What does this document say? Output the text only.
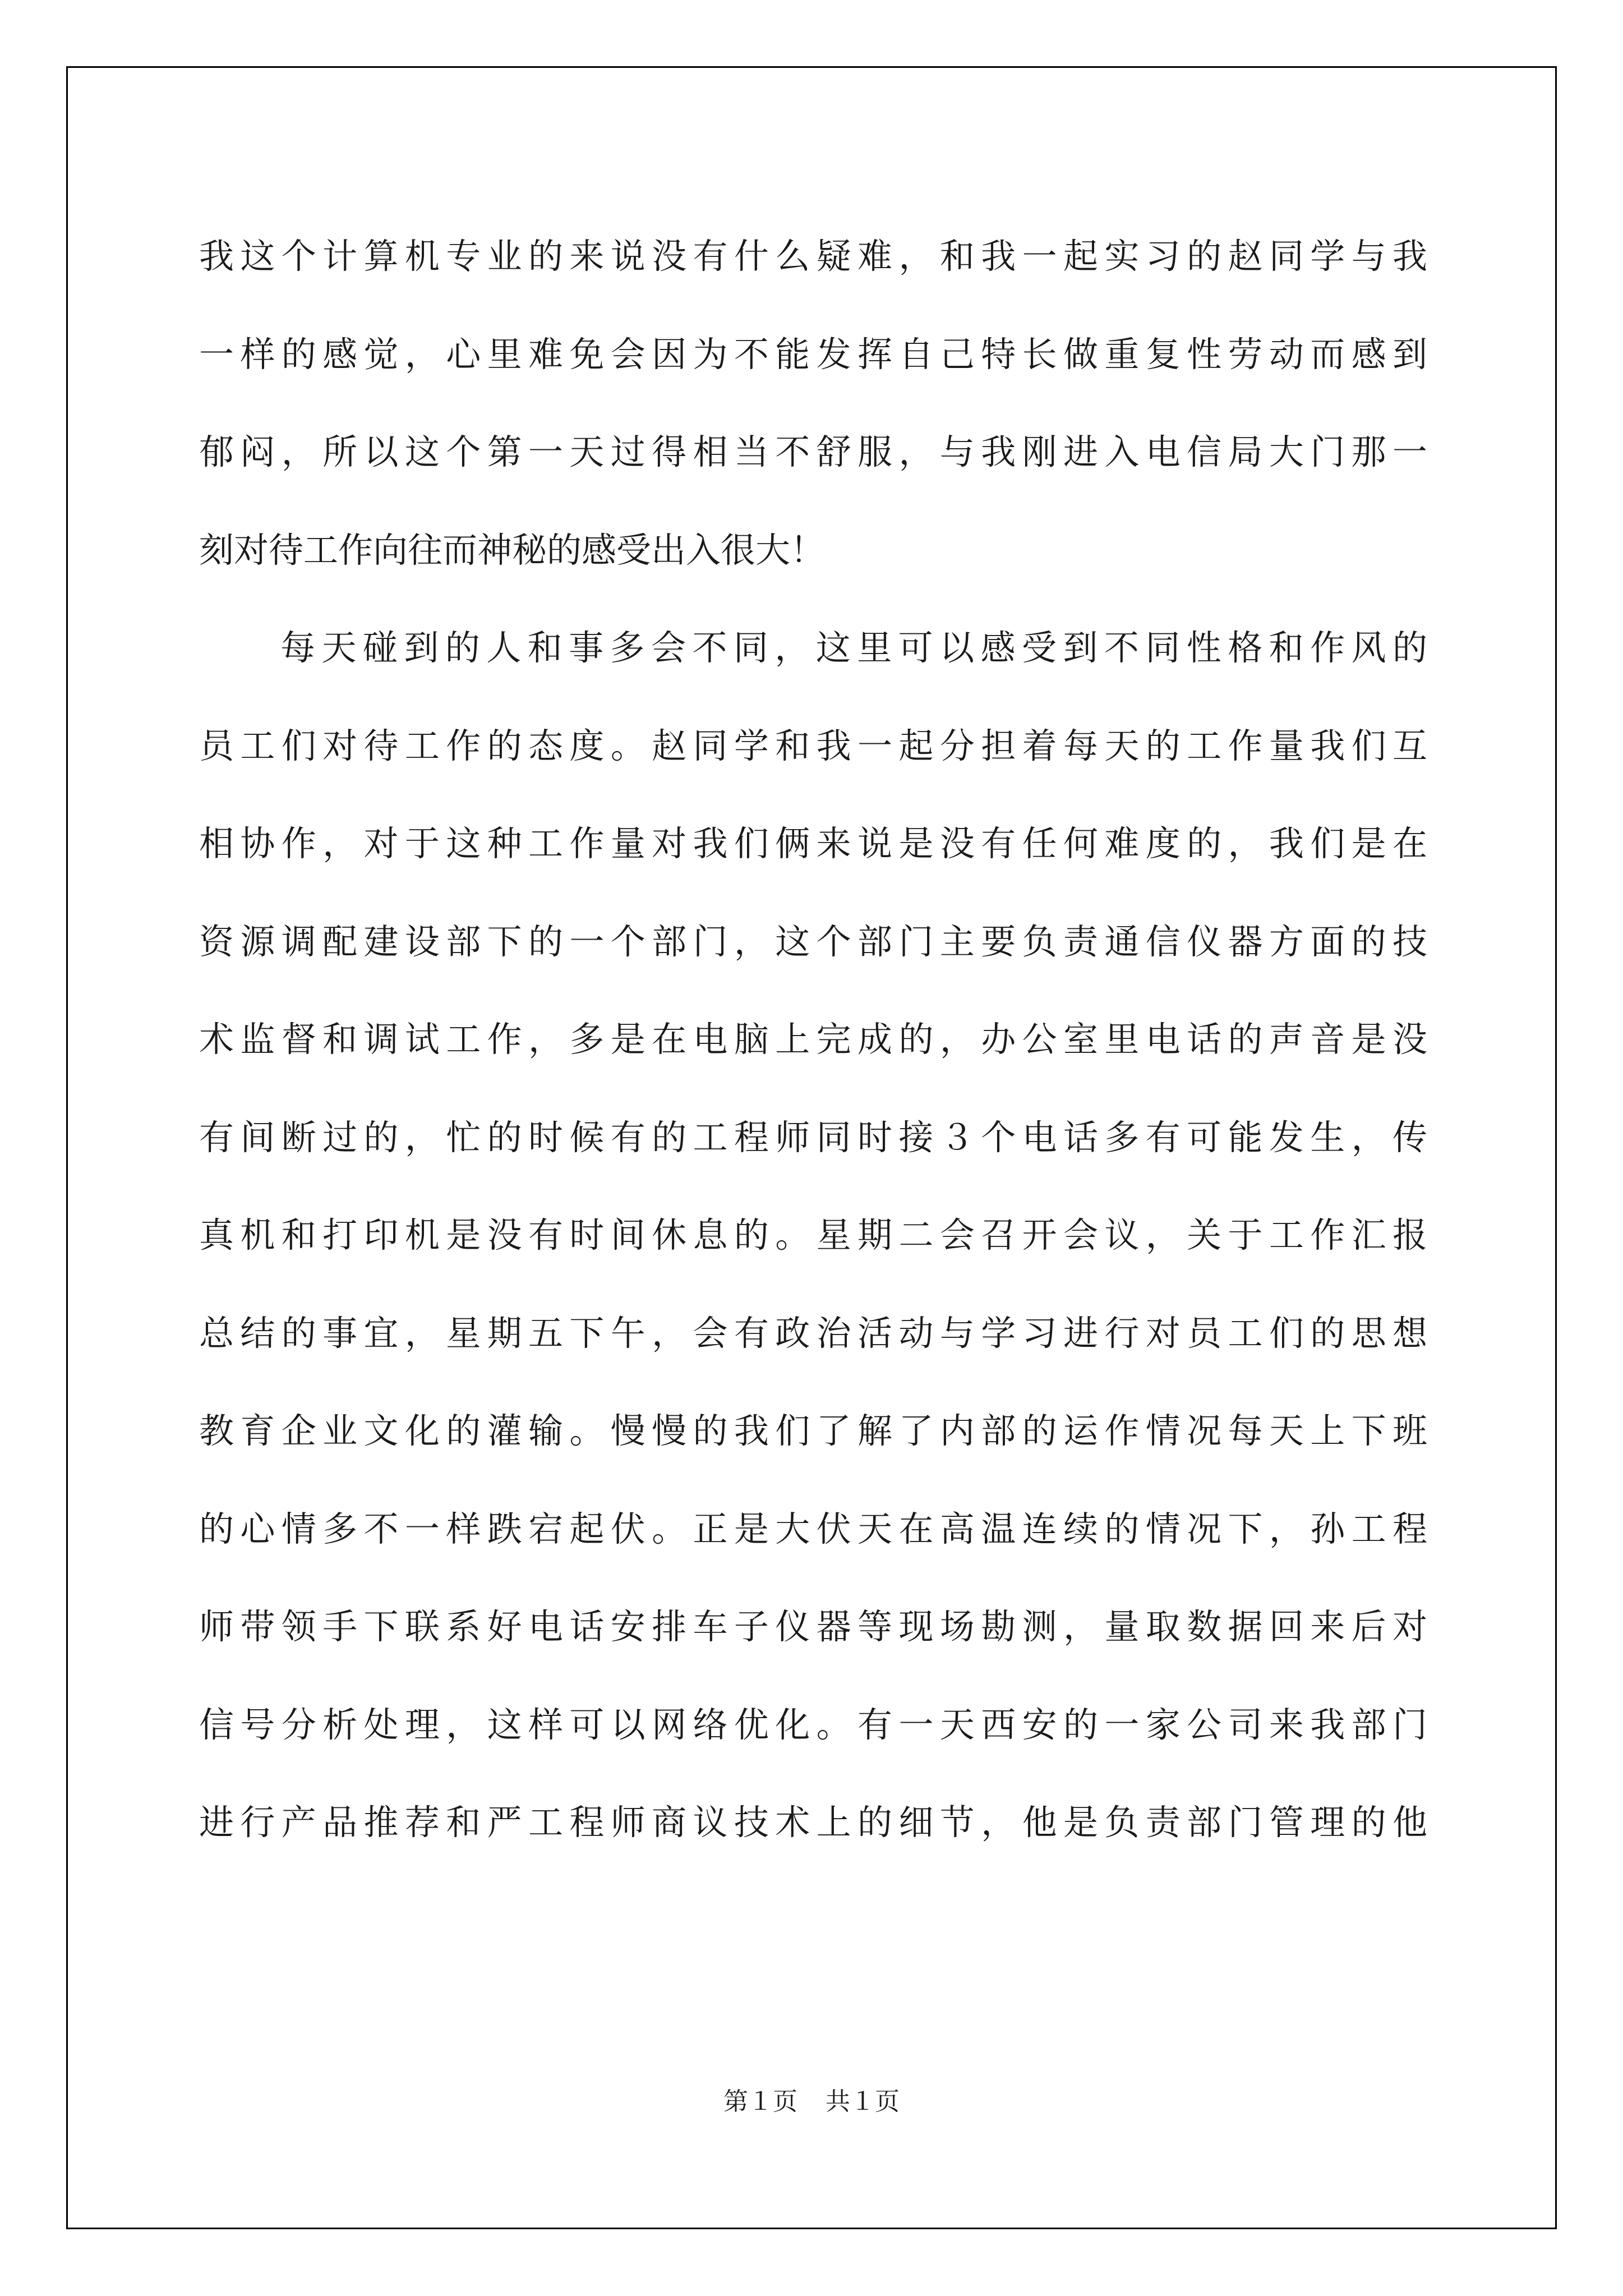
我这个计算机专业的来说没有什么疑难，和我一起实习的赵同学与我
一样的感觉，心里难免会因为不能发挥自己特长做重复性劳动而感到
郁闷，所以这个第一天过得相当不舒服，与我刚进入电信局大门那一
刻对待工作向往而神秘的感受出入很大！

每天碰到的人和事多会不同，这里可以感受到不同性格和作风的
员工们对待工作的态度。赵同学和我一起分担着每天的工作量我们互
相协作，对于这种工作量对我们俩来说是没有任何难度的，我们是在
资源调配建设部下的一个部门，这个部门主要负责通信仪器方面的技
术监督和调试工作，多是在电脑上完成的，办公室里电话的声音是没
有间断过的，忙的时候有的工程师同时接３个电话多有可能发生，传
真机和打印机是没有时间休息的。星期二会召开会议，关于工作汇报
总结的事宜，星期五下午，会有政治活动与学习进行对员工们的思想
教育企业文化的灌输。慢慢的我们了解了内部的运作情况每天上下班
的心情多不一样跌宕起伏。正是大伏天在高温连续的情况下，孙工程
师带领手下联系好电话安排车子仪器等现场勘测，量取数据回来后对
信号分析处理，这样可以网络优化。有一天西安的一家公司来我部门
进行产品推荐和严工程师商议技术上的细节，他是负责部门管理的他

第１页 共１页
